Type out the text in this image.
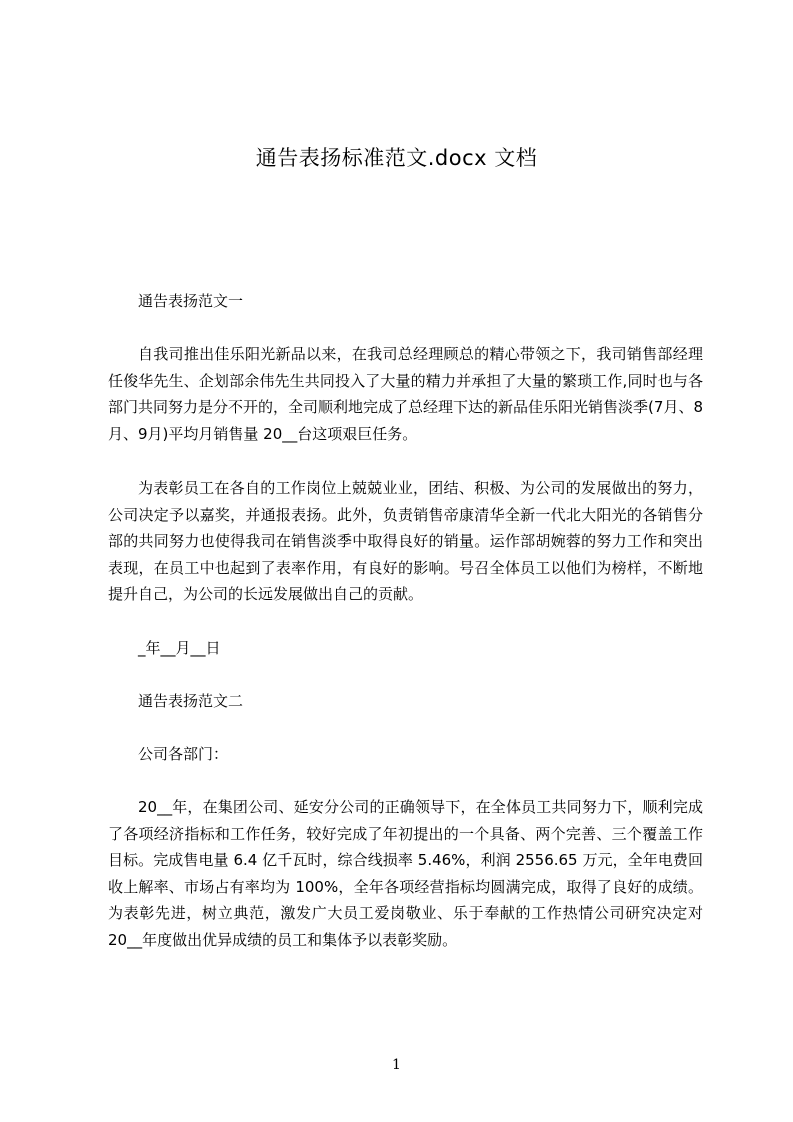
通告表扬标准范文.docx 文档

通告表扬范文一

自我司推出佳乐阳光新品以来，在我司总经理顾总的精心带领之下，我司销售部经理任俊华先生、企划部余伟先生共同投入了大量的精力并承担了大量的繁琐工作,同时也与各部门共同努力是分不开的，全司顺利地完成了总经理下达的新品佳乐阳光销售淡季(7月、8月、9月)平均月销售量 20__台这项艰巨任务。

为表彰员工在各自的工作岗位上兢兢业业，团结、积极、为公司的发展做出的努力，公司决定予以嘉奖，并通报表扬。此外，负责销售帝康清华全新一代北大阳光的各销售分部的共同努力也使得我司在销售淡季中取得良好的销量。运作部胡婉蓉的努力工作和突出表现，在员工中也起到了表率作用，有良好的影响。号召全体员工以他们为榜样，不断地提升自己，为公司的长远发展做出自己的贡献。

_年__月__日

通告表扬范文二

公司各部门：

20__年，在集团公司、延安分公司的正确领导下，在全体员工共同努力下，顺利完成了各项经济指标和工作任务，较好完成了年初提出的一个具备、两个完善、三个覆盖工作目标。完成售电量 6.4 亿千瓦时，综合线损率 5.46%，利润 2556.65 万元，全年电费回收上解率、市场占有率均为 100%，全年各项经营指标均圆满完成，取得了良好的成绩。为表彰先进，树立典范，激发广大员工爱岗敬业、乐于奉献的工作热情公司研究决定对 20__年度做出优异成绩的员工和集体予以表彰奖励。

1
